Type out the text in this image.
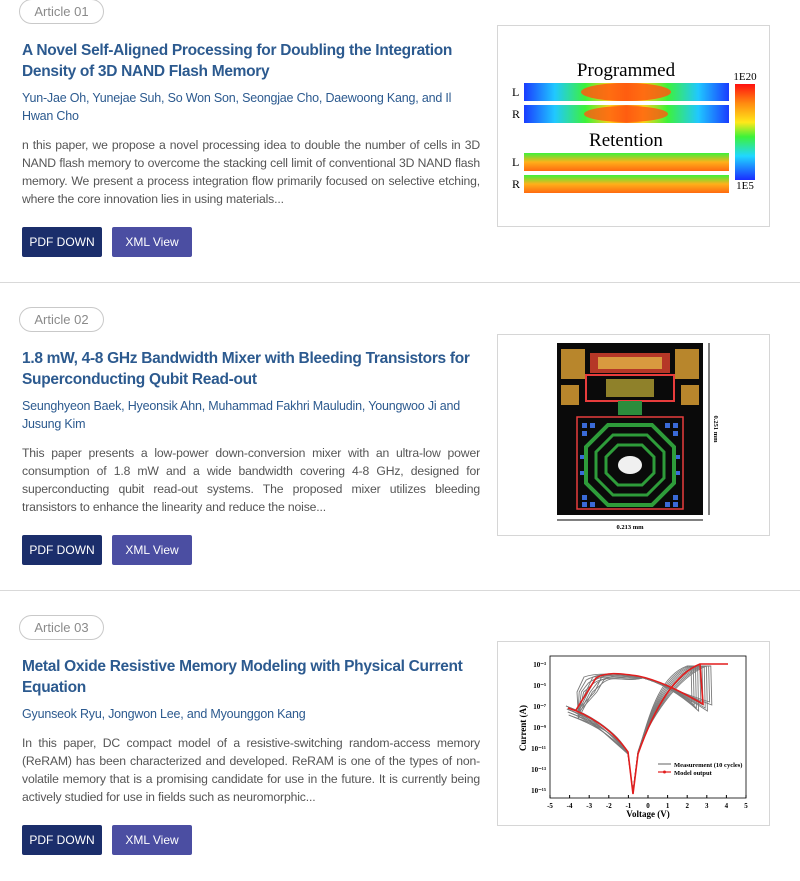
Article 01
A Novel Self-Aligned Processing for Doubling the Integration Density of 3D NAND Flash Memory
Yun-Jae Oh, Yunejae Suh, So Won Son, Seongjae Cho, Daewoong Kang, and Il Hwan Cho
n this paper, we propose a novel processing idea to double the number of cells in 3D NAND flash memory to overcome the stacking cell limit of conventional 3D NAND flash memory. We present a process integration flow primarily focused on selective etching, where the core innovation lies in using materials...
PDF DOWN	XML View
Programmed
L
R
Retention
L
R
1E20
1E5
Article 02
1.8 mW, 4-8 GHz Bandwidth Mixer with Bleeding Transistors for Superconducting Qubit Read-out
Seunghyeon Baek, Hyeonsik Ahn, Muhammad Fakhri Mauludin, Youngwoo Ji and Jusung Kim
This paper presents a low-power down-conversion mixer with an ultra-low power consumption of 1.8 mW and a wide bandwidth covering 4-8 GHz, designed for superconducting qubit read-out systems. The proposed mixer utilizes bleeding transistors to enhance the linearity and reduce the noise...
PDF DOWN	XML View
0.213 mm
0.251 mm
Article 03
Metal Oxide Resistive Memory Modeling with Physical Current Equation
Gyunseok Ryu, Jongwon Lee, and Myounggon Kang
In this paper, DC compact model of a resistive-switching random-access memory (ReRAM) has been characterized and developed. ReRAM is one of the types of non-volatile memory that is a promising candidate for use in the future. It is currently being actively studied for use in fields such as neuromorphic...
PDF DOWN	XML View
Current (A)
Voltage (V)
-5 -4 -3 -2 -1 0 1 2 3 4 5
10⁻³
10⁻⁵
10⁻⁷
10⁻⁹
10⁻¹¹
10⁻¹³
10⁻¹⁵
Measurement (10 cycles)
Model output
